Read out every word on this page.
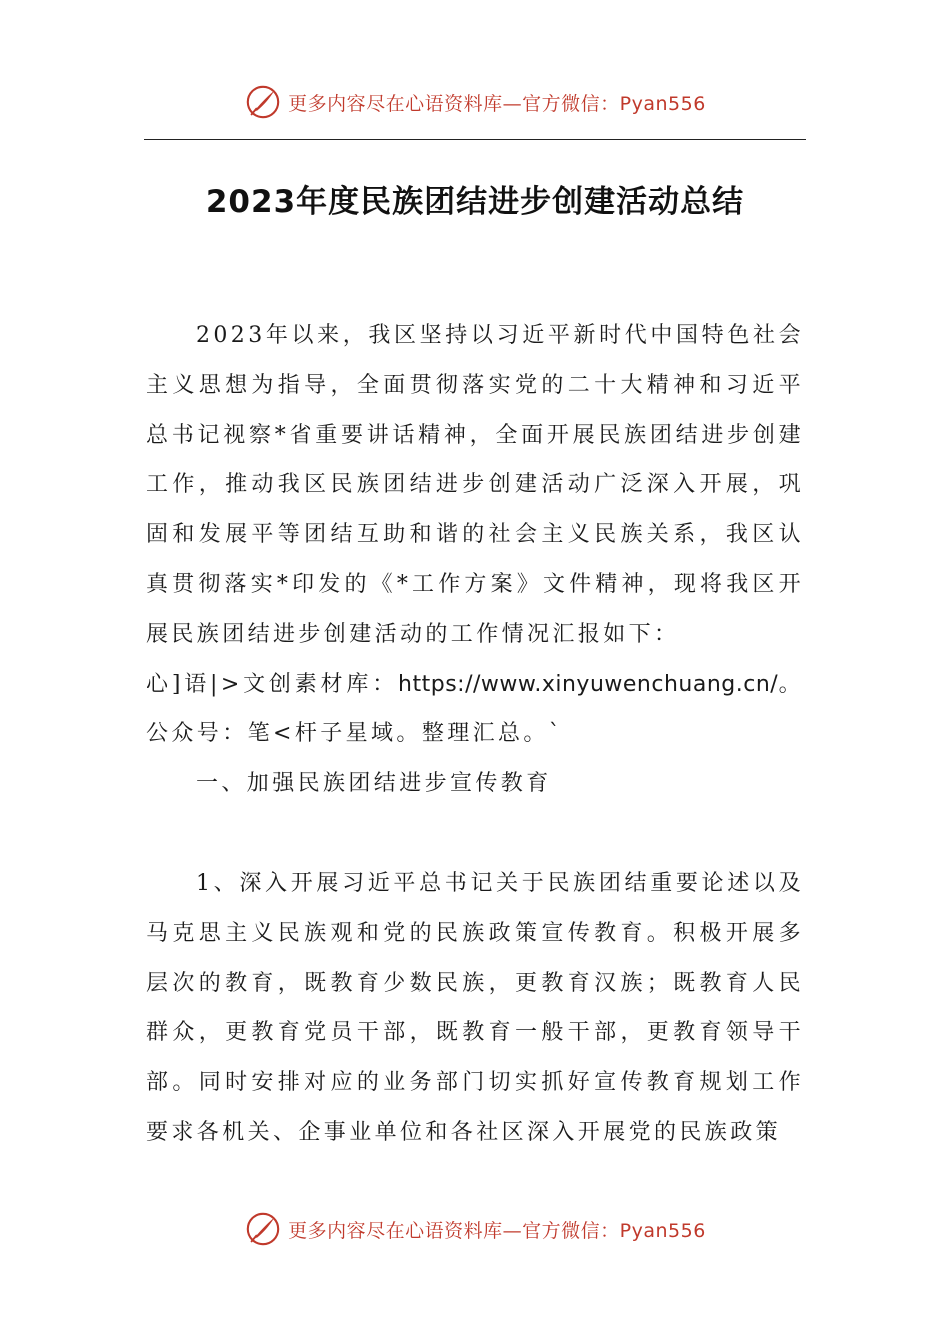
更多内容尽在心语资料库—官方微信：Pyan556
2023年度民族团结进步创建活动总结

2023年以来，我区坚持以习近平新时代中国特色社会主义思想为指导，全面贯彻落实党的二十大精神和习近平总书记视察*省重要讲话精神，全面开展民族团结进步创建工作，推动我区民族团结进步创建活动广泛深入开展，巩固和发展平等团结互助和谐的社会主义民族关系，我区认真贯彻落实*印发的《*工作方案》文件精神，现将我区开展民族团结进步创建活动的工作情况汇报如下：

心]语|>文创素材库：https://www.xinyuwenchuang.cn/。公众号：笔<杆子星域。整理汇总。`

一、加强民族团结进步宣传教育

1、深入开展习近平总书记关于民族团结重要论述以及马克思主义民族观和党的民族政策宣传教育。积极开展多层次的教育，既教育少数民族，更教育汉族；既教育人民群众，更教育党员干部，既教育一般干部，更教育领导干部。同时安排对应的业务部门切实抓好宣传教育规划工作要求各机关、企事业单位和各社区深入开展党的民族政策

更多内容尽在心语资料库—官方微信：Pyan556
